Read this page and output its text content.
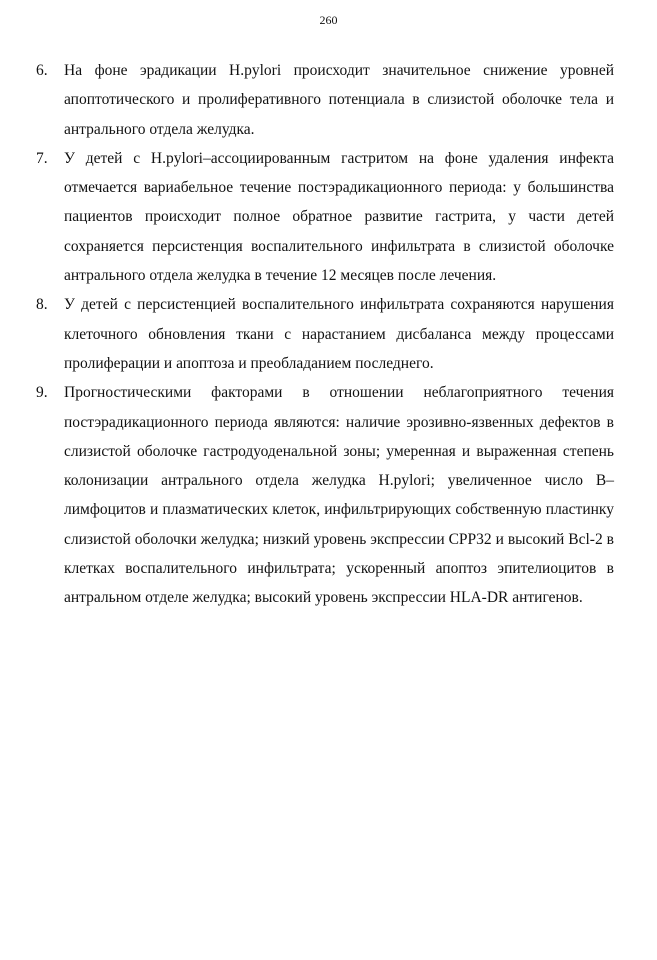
260
6.	На фоне эрадикации H.pylori происходит значительное снижение уровней апоптотического и пролиферативного потенциала в слизистой оболочке тела и антрального отдела желудка.
7.	У детей с H.pylori–ассоциированным гастритом на фоне удаления инфекта отмечается вариабельное течение постэрадикационного периода: у большинства пациентов происходит полное обратное развитие гастрита, у части детей сохраняется персистенция воспалительного инфильтрата в слизистой оболочке антрального отдела желудка в течение 12 месяцев после лечения.
8.	У детей с персистенцией воспалительного инфильтрата сохраняются нарушения клеточного обновления ткани с нарастанием дисбаланса между процессами пролиферации и апоптоза и преобладанием последнего.
9.	Прогностическими факторами в отношении неблагоприятного течения постэрадикационного периода являются: наличие эрозивно-язвенных дефектов в слизистой оболочке гастродуоденальной зоны; умеренная и выраженная степень колонизации антрального отдела желудка H.pylori; увеличенное число В–лимфоцитов и плазматических клеток, инфильтрирующих собственную пластинку слизистой оболочки желудка; низкий уровень экспрессии CPP32 и высокий Bcl-2 в клетках воспалительного инфильтрата; ускоренный апоптоз эпителиоцитов в антральном отделе желудка; высокий уровень экспрессии HLA-DR антигенов.
